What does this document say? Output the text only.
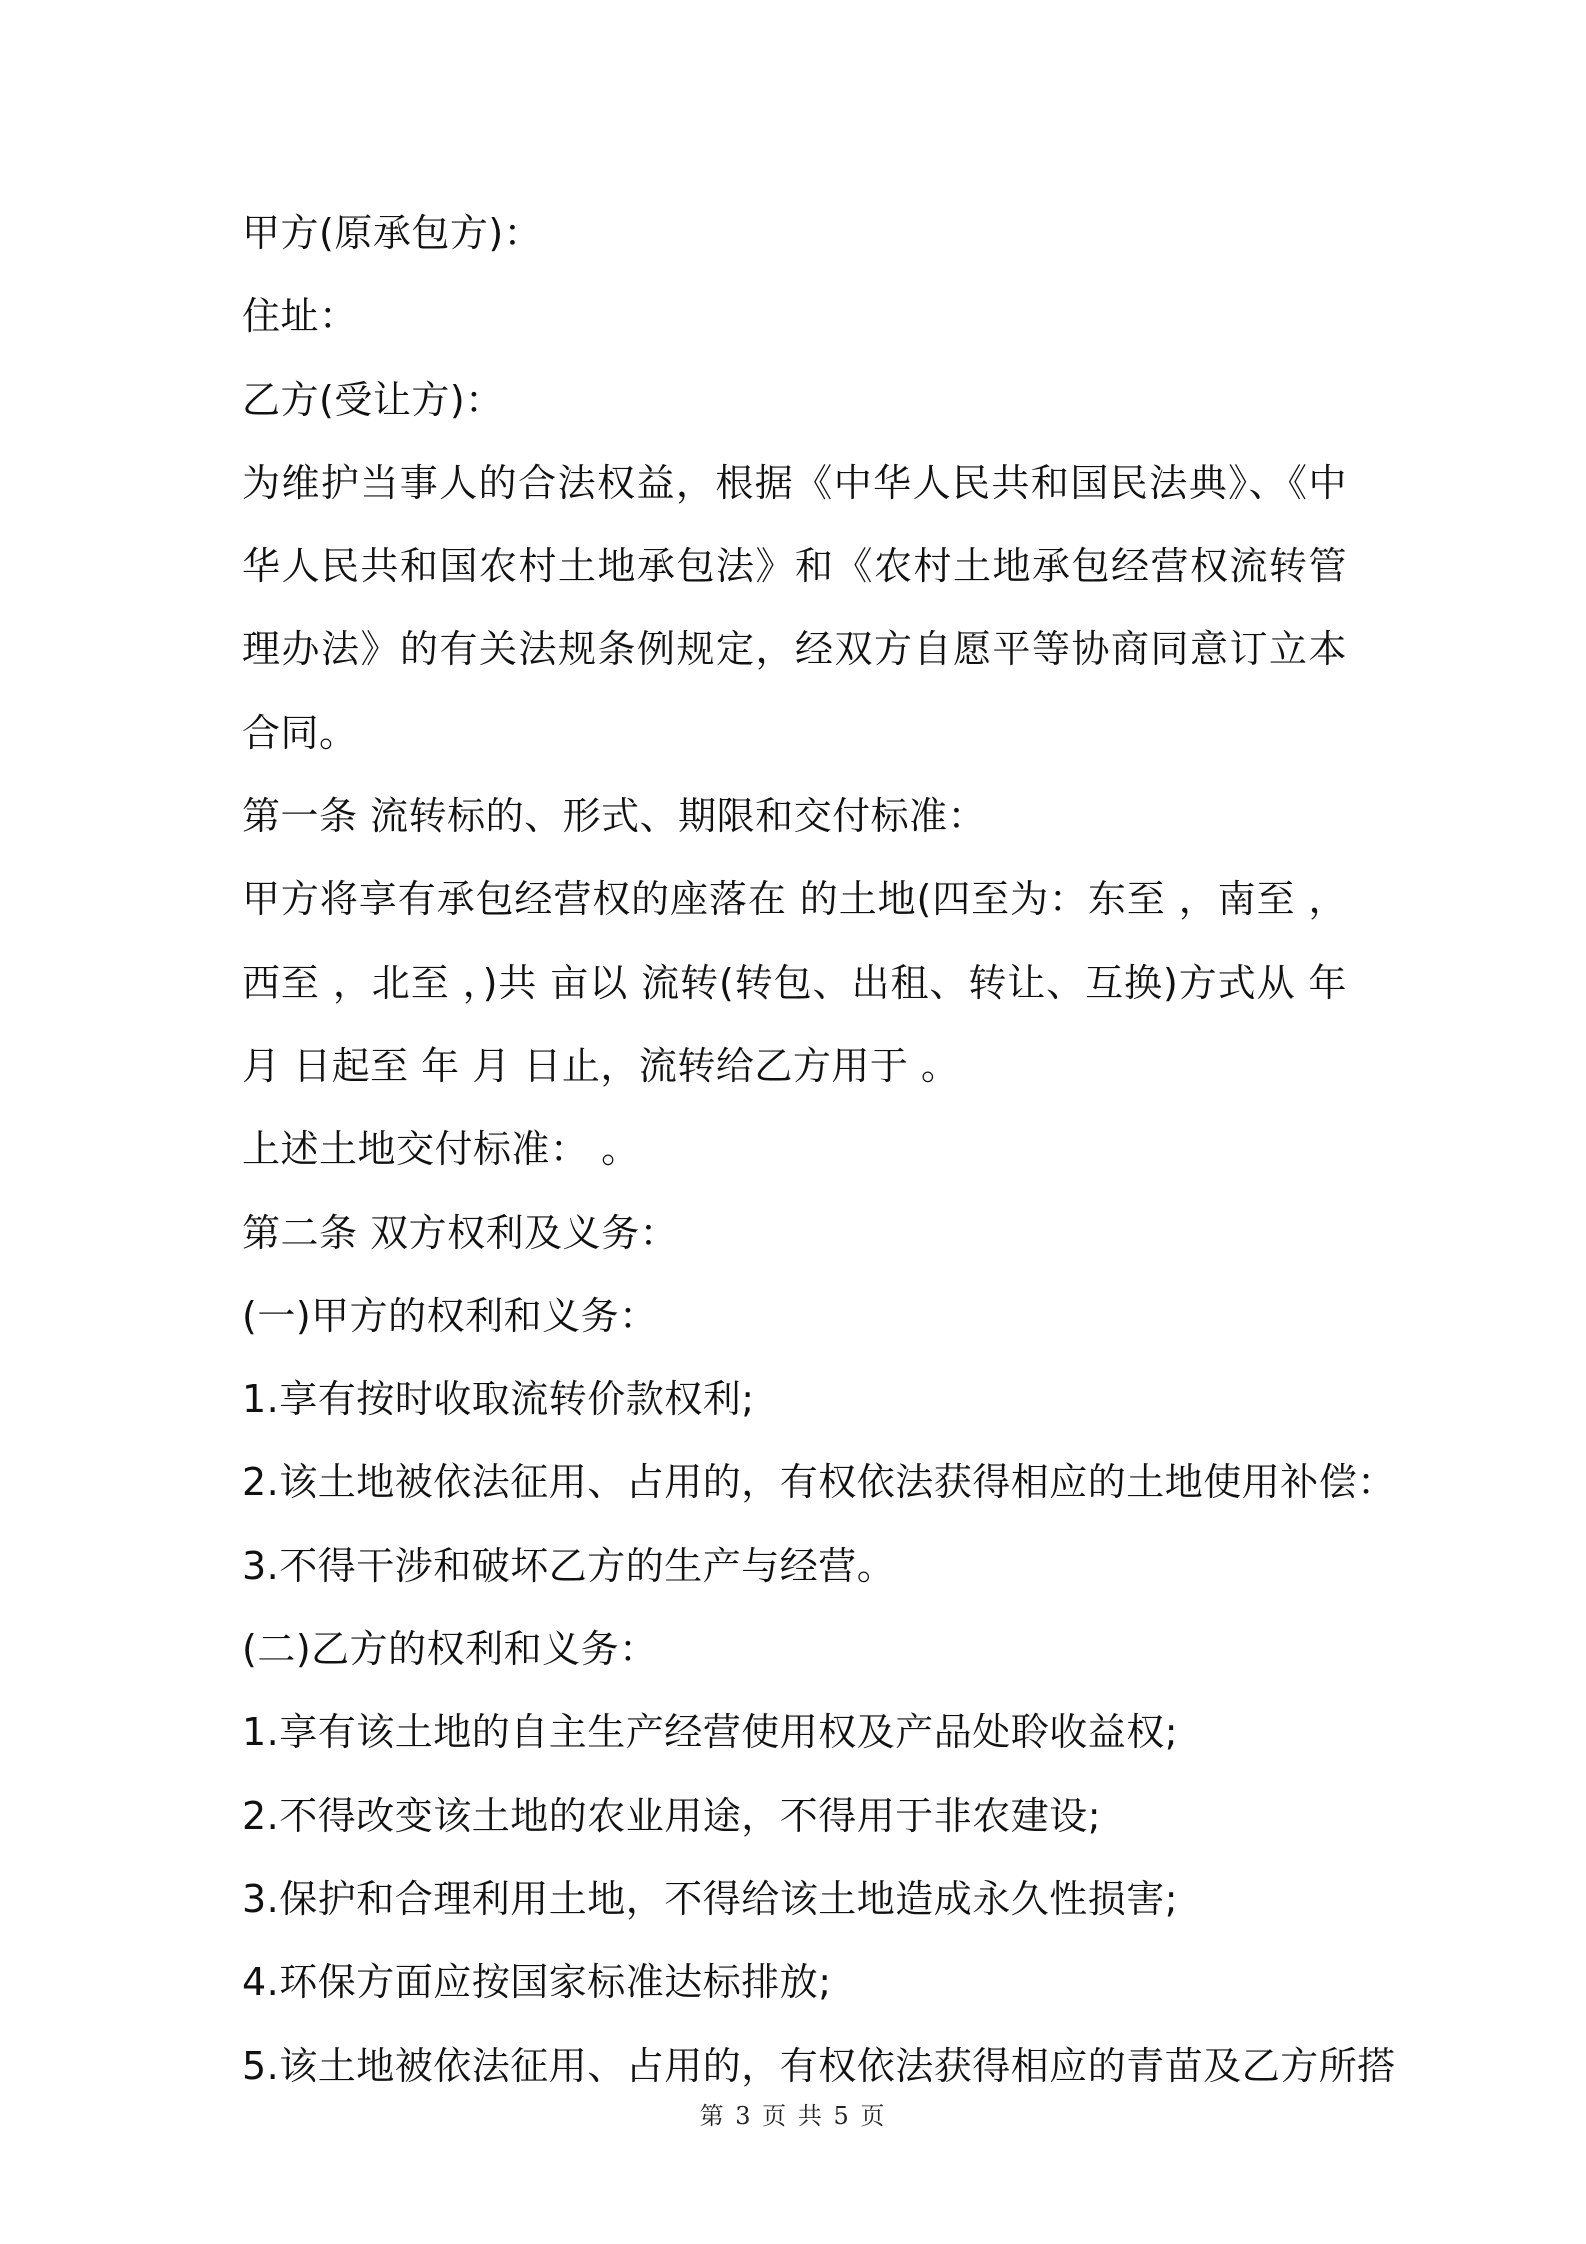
甲方(原承包方)：
住址：
乙方(受让方)：
为维护当事人的合法权益，根据《中华人民共和国民法典》、《中华人民共和国农村土地承包法》和《农村土地承包经营权流转管理办法》的有关法规条例规定，经双方自愿平等协商同意订立本合同。
第一条 流转标的、形式、期限和交付标准：
甲方将享有承包经营权的座落在 的土地(四至为：东至 ，南至 ，西至 ，北至 ，)共 亩以 流转(转包、出租、转让、互换)方式从 年 月 日起至 年 月 日止，流转给乙方用于 。
上述土地交付标准： 。
第二条 双方权利及义务：
(一)甲方的权利和义务：
1.享有按时收取流转价款权利;
2.该土地被依法征用、占用的，有权依法获得相应的土地使用补偿：
3.不得干涉和破坏乙方的生产与经营。
(二)乙方的权利和义务：
1.享有该土地的自主生产经营使用权及产品处聆收益权;
2.不得改变该土地的农业用途，不得用于非农建设;
3.保护和合理利用土地，不得给该土地造成永久性损害;
4.环保方面应按国家标准达标排放;
5.该土地被依法征用、占用的，有权依法获得相应的青苗及乙方所搭
第 3 页 共 5 页
